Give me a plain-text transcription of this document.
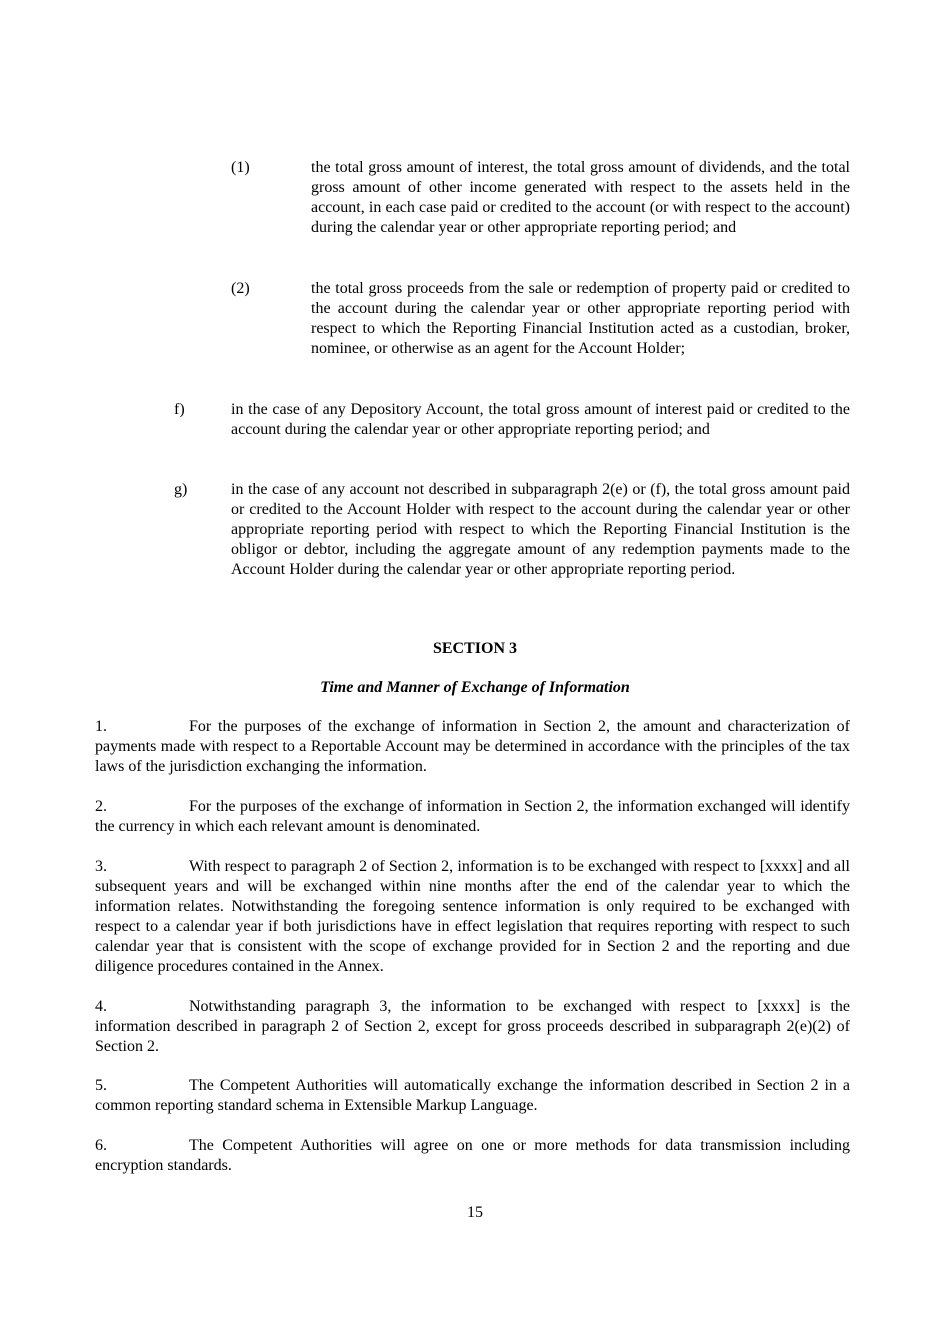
(1)	the total gross amount of interest, the total gross amount of dividends, and the total gross amount of other income generated with respect to the assets held in the account, in each case paid or credited to the account (or with respect to the account) during the calendar year or other appropriate reporting period; and
(2)	the total gross proceeds from the sale or redemption of property paid or credited to the account during the calendar year or other appropriate reporting period with respect to which the Reporting Financial Institution acted as a custodian, broker, nominee, or otherwise as an agent for the Account Holder;
f)	in the case of any Depository Account, the total gross amount of interest paid or credited to the account during the calendar year or other appropriate reporting period; and
g)	in the case of any account not described in subparagraph 2(e) or (f), the total gross amount paid or credited to the Account Holder with respect to the account during the calendar year or other appropriate reporting period with respect to which the Reporting Financial Institution is the obligor or debtor, including the aggregate amount of any redemption payments made to the Account Holder during the calendar year or other appropriate reporting period.
SECTION 3
Time and Manner of Exchange of Information
1.	For the purposes of the exchange of information in Section 2, the amount and characterization of payments made with respect to a Reportable Account may be determined in accordance with the principles of the tax laws of the jurisdiction exchanging the information.
2.	For the purposes of the exchange of information in Section 2, the information exchanged will identify the currency in which each relevant amount is denominated.
3.	With respect to paragraph 2 of Section 2, information is to be exchanged with respect to [xxxx] and all subsequent years and will be exchanged within nine months after the end of the calendar year to which the information relates. Notwithstanding the foregoing sentence information is only required to be exchanged with respect to a calendar year if both jurisdictions have in effect legislation that requires reporting with respect to such calendar year that is consistent with the scope of exchange provided for in Section 2 and the reporting and due diligence procedures contained in the Annex.
4.	Notwithstanding paragraph 3, the information to be exchanged with respect to [xxxx] is the information described in paragraph 2 of Section 2, except for gross proceeds described in subparagraph 2(e)(2) of Section 2.
5.	The Competent Authorities will automatically exchange the information described in Section 2 in a common reporting standard schema in Extensible Markup Language.
6.	The Competent Authorities will agree on one or more methods for data transmission including encryption standards.
15
